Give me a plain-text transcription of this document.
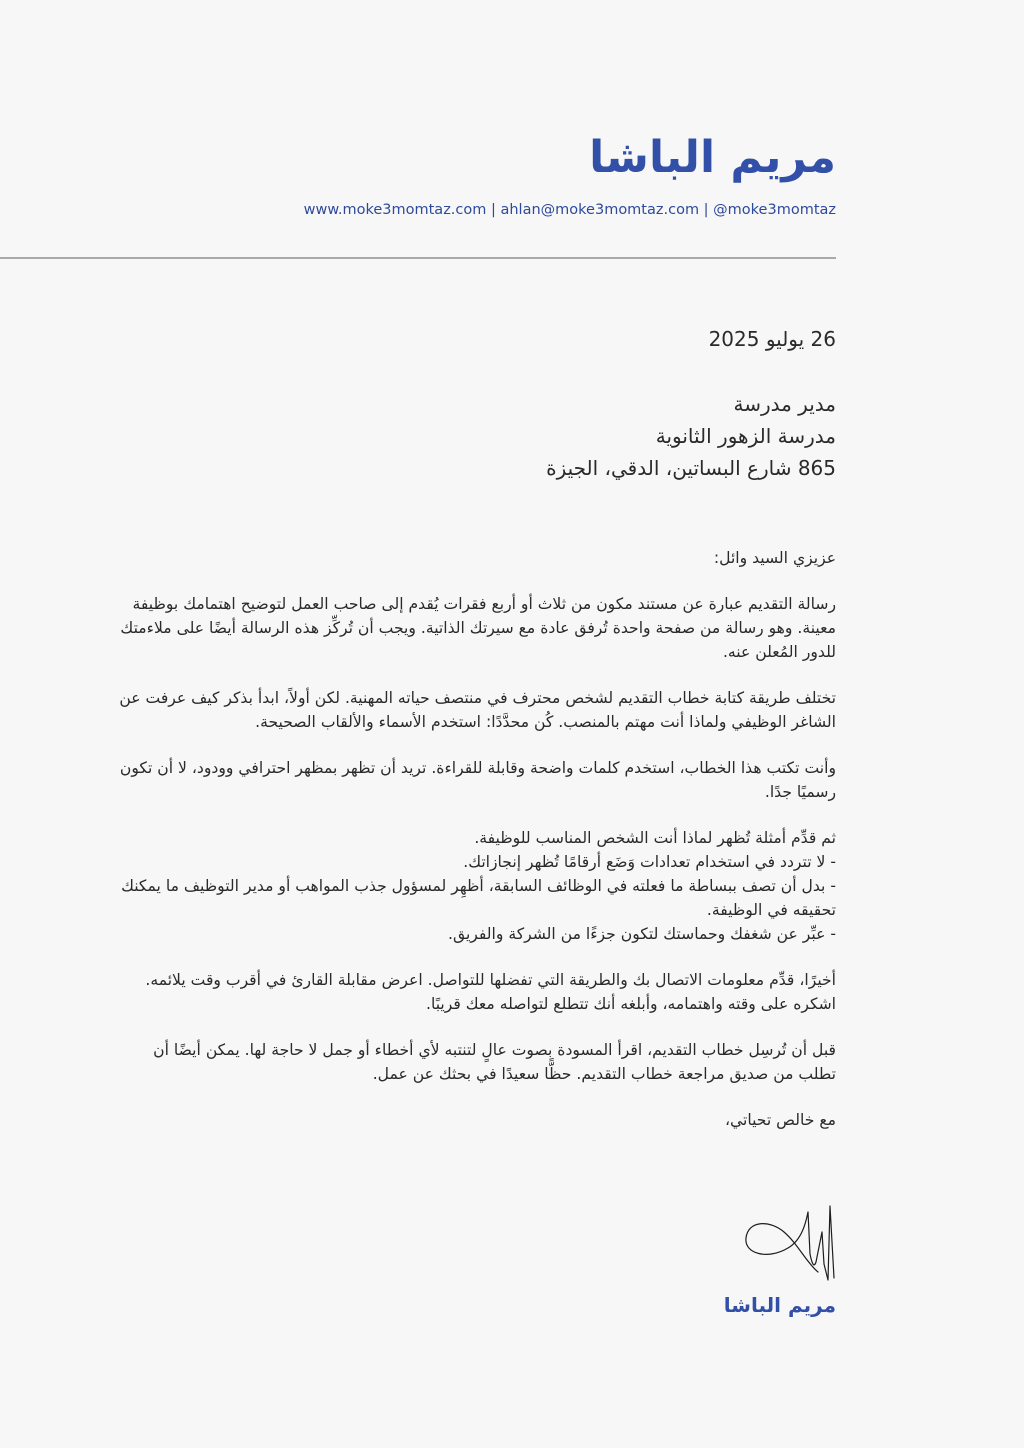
مريم الباشا
www.moke3momtaz.com | ahlan@moke3momtaz.com | @moke3momtaz
26 يوليو 2025
مدير مدرسة
مدرسة الزهور الثانوية
865 شارع البساتين، الدقي، الجيزة

عزيزي السيد وائل:

رسالة التقديم عبارة عن مستند مكون من ثلاث أو أربع فقرات يُقدم إلى صاحب العمل لتوضيح اهتمامك بوظيفة معينة. وهو رسالة من صفحة واحدة تُرفق عادة مع سيرتك الذاتية. ويجب أن تُركِّز هذه الرسالة أيضًا على ملاءمتك للدور المُعلن عنه.

تختلف طريقة كتابة خطاب التقديم لشخص محترف في منتصف حياته المهنية. لكن أولاً، ابدأ بذكر كيف عرفت عن الشاغر الوظيفي ولماذا أنت مهتم بالمنصب. كُن محدَّدًا: استخدم الأسماء والألقاب الصحيحة.

وأنت تكتب هذا الخطاب، استخدم كلمات واضحة وقابلة للقراءة. تريد أن تظهر بمظهر احترافي وودود، لا أن تكون رسميًا جدًا.

ثم قدِّم أمثلة تُظهر لماذا أنت الشخص المناسب للوظيفة.
- لا تتردد في استخدام تعدادات وَضَع أرقامًا تُظهر إنجازاتك.
- بدل أن تصف ببساطة ما فعلته في الوظائف السابقة، أظهِر لمسؤول جذب المواهب أو مدير التوظيف ما يمكنك تحقيقه في الوظيفة.
- عبِّر عن شغفك وحماستك لتكون جزءًا من الشركة والفريق.

أخيرًا، قدِّم معلومات الاتصال بك والطريقة التي تفضلها للتواصل. اعرض مقابلة القارئ في أقرب وقت يلائمه. اشكره على وقته واهتمامه، وأبلغه أنك تتطلع لتواصله معك قريبًا.

قبل أن تُرسِل خطاب التقديم، اقرأ المسودة بصوت عالٍ لتنتبه لأي أخطاء أو جمل لا حاجة لها. يمكن أيضًا أن تطلب من صديق مراجعة خطاب التقديم. حظًّا سعيدًا في بحثك عن عمل.

مع خالص تحياتي،

مريم الباشا
